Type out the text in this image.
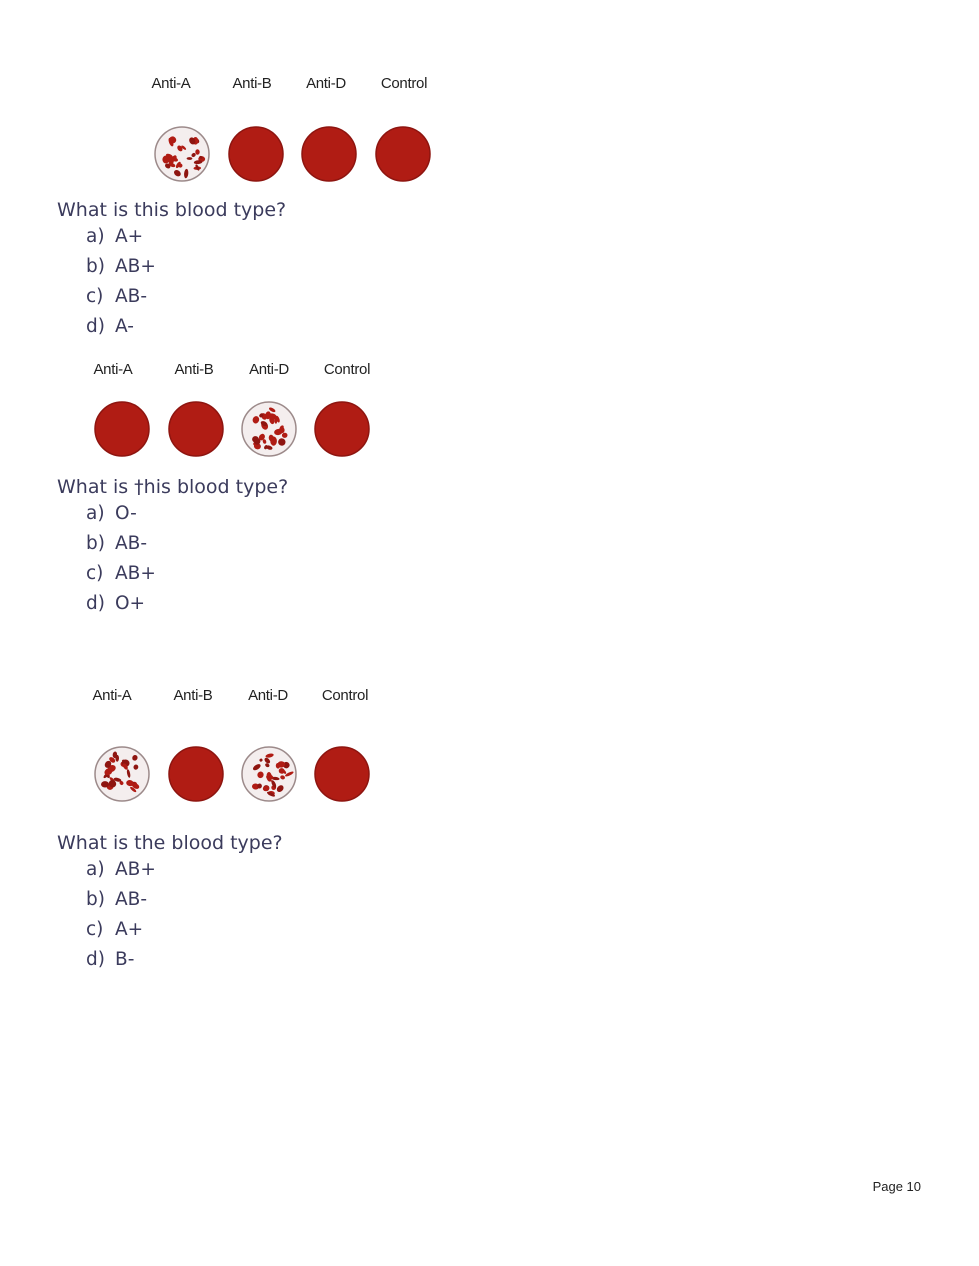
Anti-A	Anti-B	Anti-D	Control
What is this blood type?
a) A+
b) AB+
c) AB-
d) A-
Anti-A	Anti-B	Anti-D	Control
What is †his blood type?
a) O-
b) AB-
c) AB+
d) O+
Anti-A	Anti-B	Anti-D	Control
What is the blood type?
a) AB+
b) AB-
c) A+
d) B-
Page 10
